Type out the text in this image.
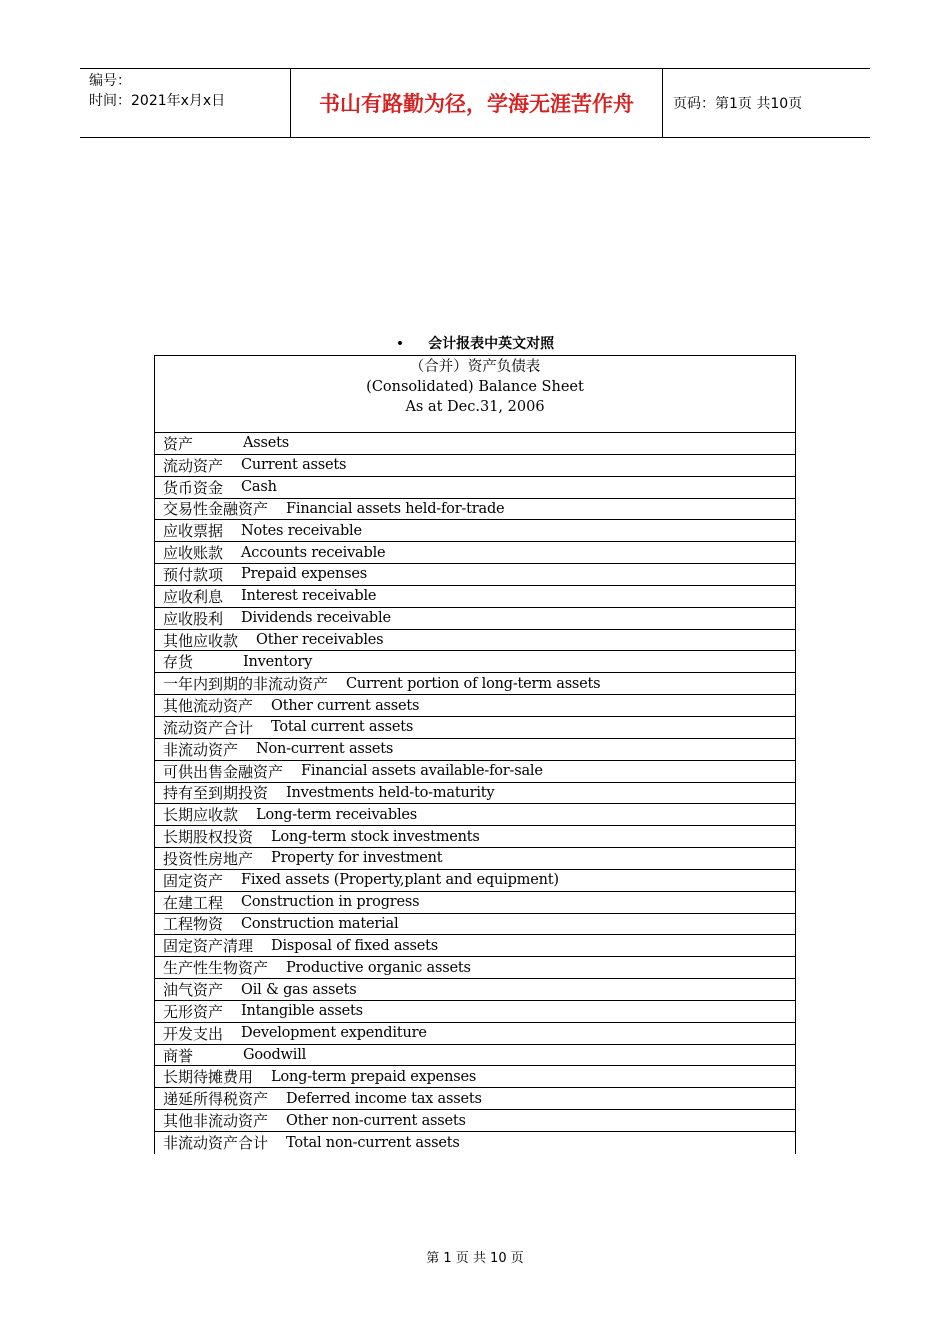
编号：
时间：2021年x月x日	书山有路勤为径，学海无涯苦作舟	页码：第1页 共10页
• 会计报表中英文对照
（合并）资产负债表
(Consolidated) Balance Sheet
As at Dec.31, 2006
资产	Assets
流动资产 Current assets
货币资金 Cash
交易性金融资产 Financial assets held-for-trade
应收票据 Notes receivable
应收账款 Accounts receivable
预付款项 Prepaid expenses
应收利息 Interest receivable
应收股利 Dividends receivable
其他应收款 Other receivables
存货	Inventory
一年内到期的非流动资产 Current portion of long-term assets
其他流动资产 Other current assets
流动资产合计 Total current assets
非流动资产 Non-current assets
可供出售金融资产 Financial assets available-for-sale
持有至到期投资 Investments held-to-maturity
长期应收款 Long-term receivables
长期股权投资 Long-term stock investments
投资性房地产 Property for investment
固定资产 Fixed assets (Property,plant and equipment)
在建工程 Construction in progress
工程物资 Construction material
固定资产清理 Disposal of fixed assets
生产性生物资产 Productive organic assets
油气资产 Oil & gas assets
无形资产 Intangible assets
开发支出 Development expenditure
商誉	Goodwill
长期待摊费用 Long-term prepaid expenses
递延所得税资产 Deferred income tax assets
其他非流动资产 Other non-current assets
非流动资产合计 Total non-current assets
第 1 页 共 10 页
